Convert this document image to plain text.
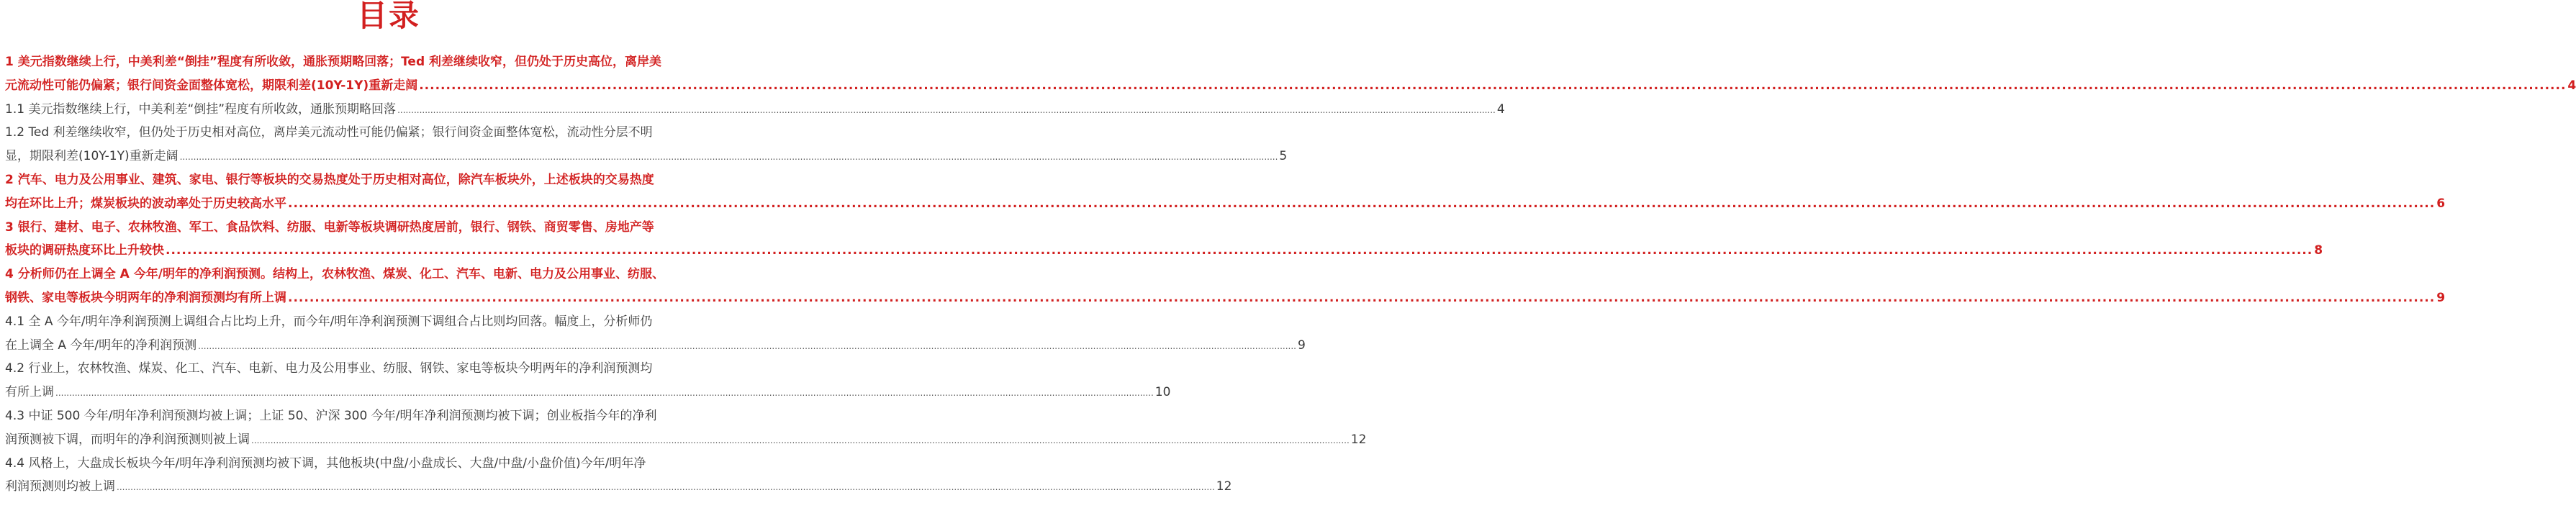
目录
1 美元指数继续上行，中美利差“倒挂”程度有所收敛，通胀预期略回落；Ted 利差继续收窄，但仍处于历史高位，离岸美
元流动性可能仍偏紧；银行间资金面整体宽松，期限利差(10Y-1Y)重新走阔 ................................................................................................................................................................................................................................................................................................................................................................................................................ 4
1.1 美元指数继续上行，中美利差“倒挂”程度有所收敛，通胀预期略回落 ................................................................................................................................................................................................................................................................................................................................................................................................................ 4
1.2 Ted 利差继续收窄，但仍处于历史相对高位，离岸美元流动性可能仍偏紧；银行间资金面整体宽松，流动性分层不明
显，期限利差(10Y-1Y)重新走阔 ................................................................................................................................................................................................................................................................................................................................................................................................................ 5
2 汽车、电力及公用事业、建筑、家电、银行等板块的交易热度处于历史相对高位，除汽车板块外，上述板块的交易热度
均在环比上升；煤炭板块的波动率处于历史较高水平 ................................................................................................................................................................................................................................................................................................................................................................................................................ 6
3 银行、建材、电子、农林牧渔、军工、食品饮料、纺服、电新等板块调研热度居前，银行、钢铁、商贸零售、房地产等
板块的调研热度环比上升较快 ................................................................................................................................................................................................................................................................................................................................................................................................................ 8
4 分析师仍在上调全 A 今年/明年的净利润预测。结构上，农林牧渔、煤炭、化工、汽车、电新、电力及公用事业、纺服、
钢铁、家电等板块今明两年的净利润预测均有所上调 ................................................................................................................................................................................................................................................................................................................................................................................................................ 9
4.1 全 A 今年/明年净利润预测上调组合占比均上升，而今年/明年净利润预测下调组合占比则均回落。幅度上，分析师仍
在上调全 A 今年/明年的净利润预测 ................................................................................................................................................................................................................................................................................................................................................................................................................ 9
4.2 行业上，农林牧渔、煤炭、化工、汽车、电新、电力及公用事业、纺服、钢铁、家电等板块今明两年的净利润预测均
有所上调 ................................................................................................................................................................................................................................................................................................................................................................................................................ 10
4.3 中证 500 今年/明年净利润预测均被上调；上证 50、沪深 300 今年/明年净利润预测均被下调；创业板指今年的净利
润预测被下调，而明年的净利润预测则被上调 ................................................................................................................................................................................................................................................................................................................................................................................................................ 12
4.4 风格上，大盘成长板块今年/明年净利润预测均被下调，其他板块(中盘/小盘成长、大盘/中盘/小盘价值)今年/明年净
利润预测则均被上调 ................................................................................................................................................................................................................................................................................................................................................................................................................ 12
